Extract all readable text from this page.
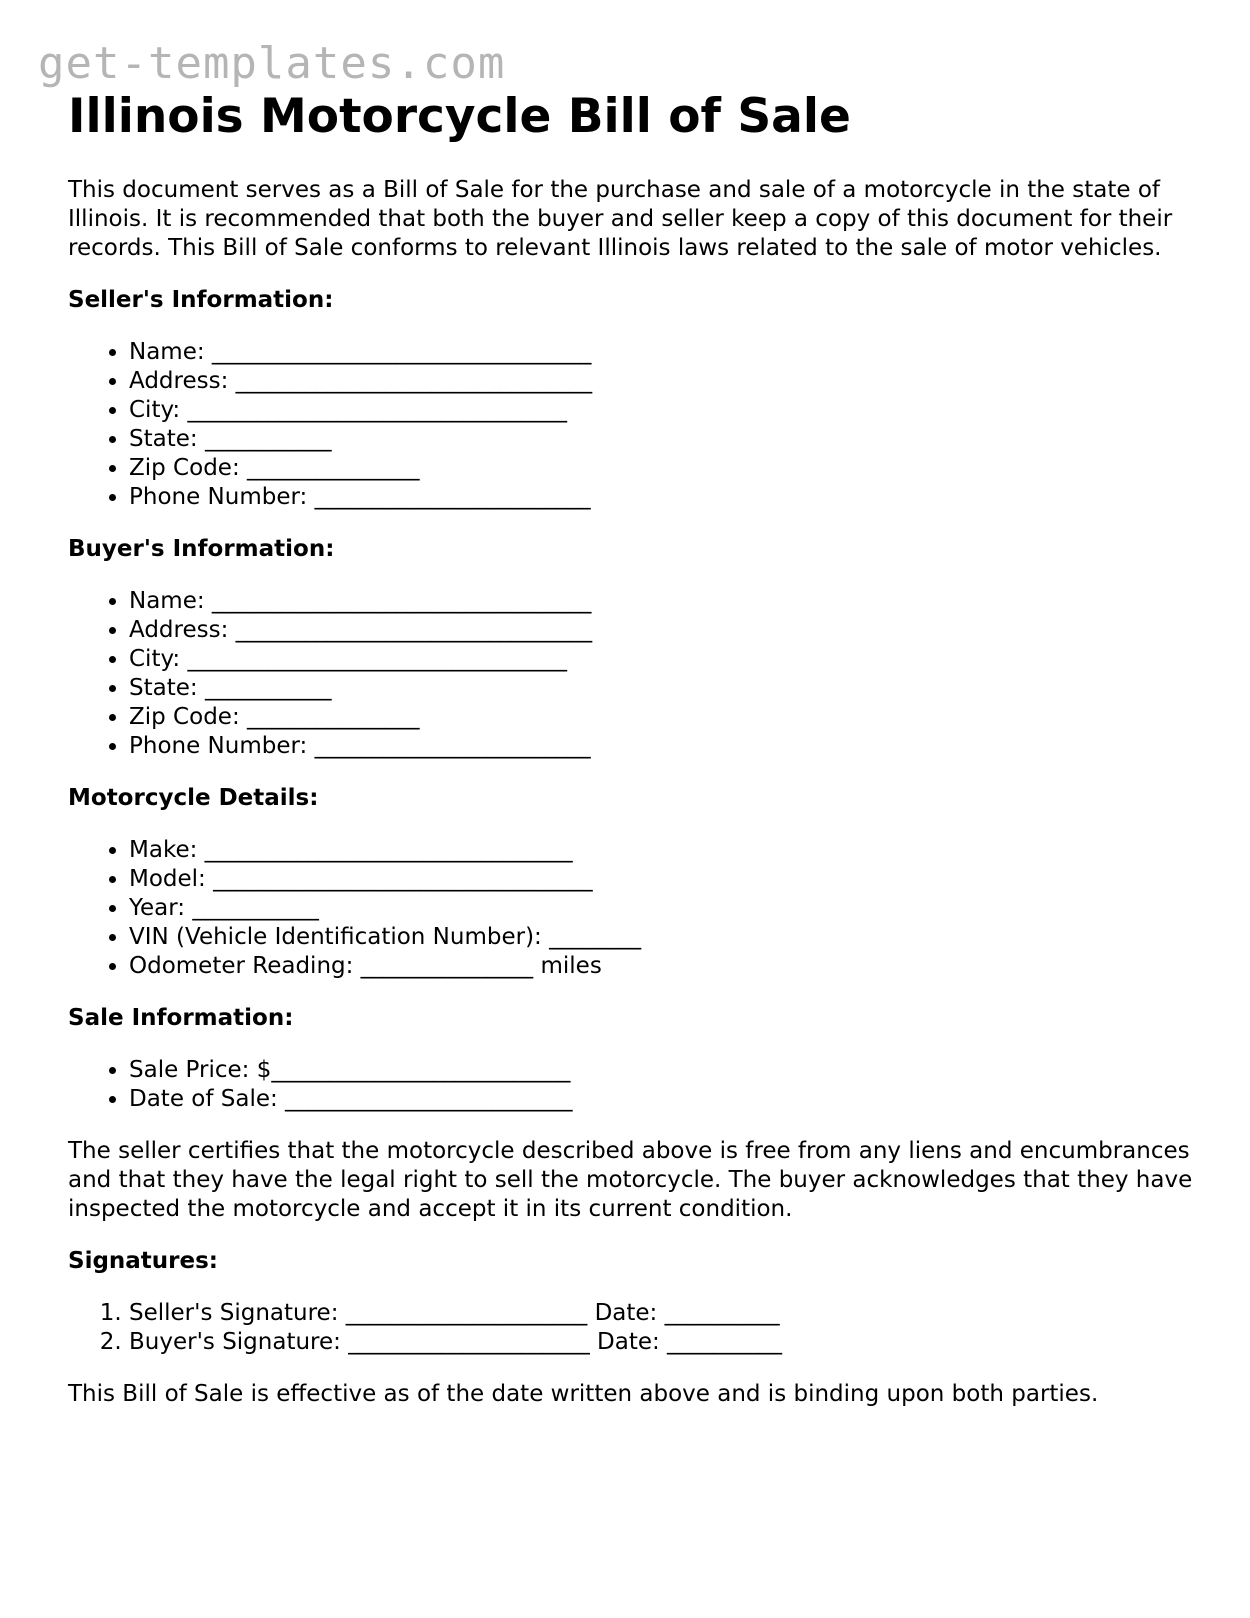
get-templates.com
Illinois Motorcycle Bill of Sale

This document serves as a Bill of Sale for the purchase and sale of a motorcycle in the state of Illinois. It is recommended that both the buyer and seller keep a copy of this document for their records. This Bill of Sale conforms to relevant Illinois laws related to the sale of motor vehicles.

Seller's Information:
• Name: _________________________________
• Address: _______________________________
• City: _________________________________
• State: ___________
• Zip Code: _______________
• Phone Number: ________________________
Buyer's Information:
• Name: _________________________________
• Address: _______________________________
• City: _________________________________
• State: ___________
• Zip Code: _______________
• Phone Number: ________________________
Motorcycle Details:
• Make: ________________________________
• Model: _________________________________
• Year: ___________
• VIN (Vehicle Identification Number): ________
• Odometer Reading: _______________ miles
Sale Information:
• Sale Price: $__________________________
• Date of Sale: _________________________

The seller certifies that the motorcycle described above is free from any liens and encumbrances and that they have the legal right to sell the motorcycle. The buyer acknowledges that they have inspected the motorcycle and accept it in its current condition.

Signatures:
1. Seller's Signature: _____________________ Date: __________
2. Buyer's Signature: _____________________ Date: __________

This Bill of Sale is effective as of the date written above and is binding upon both parties.
